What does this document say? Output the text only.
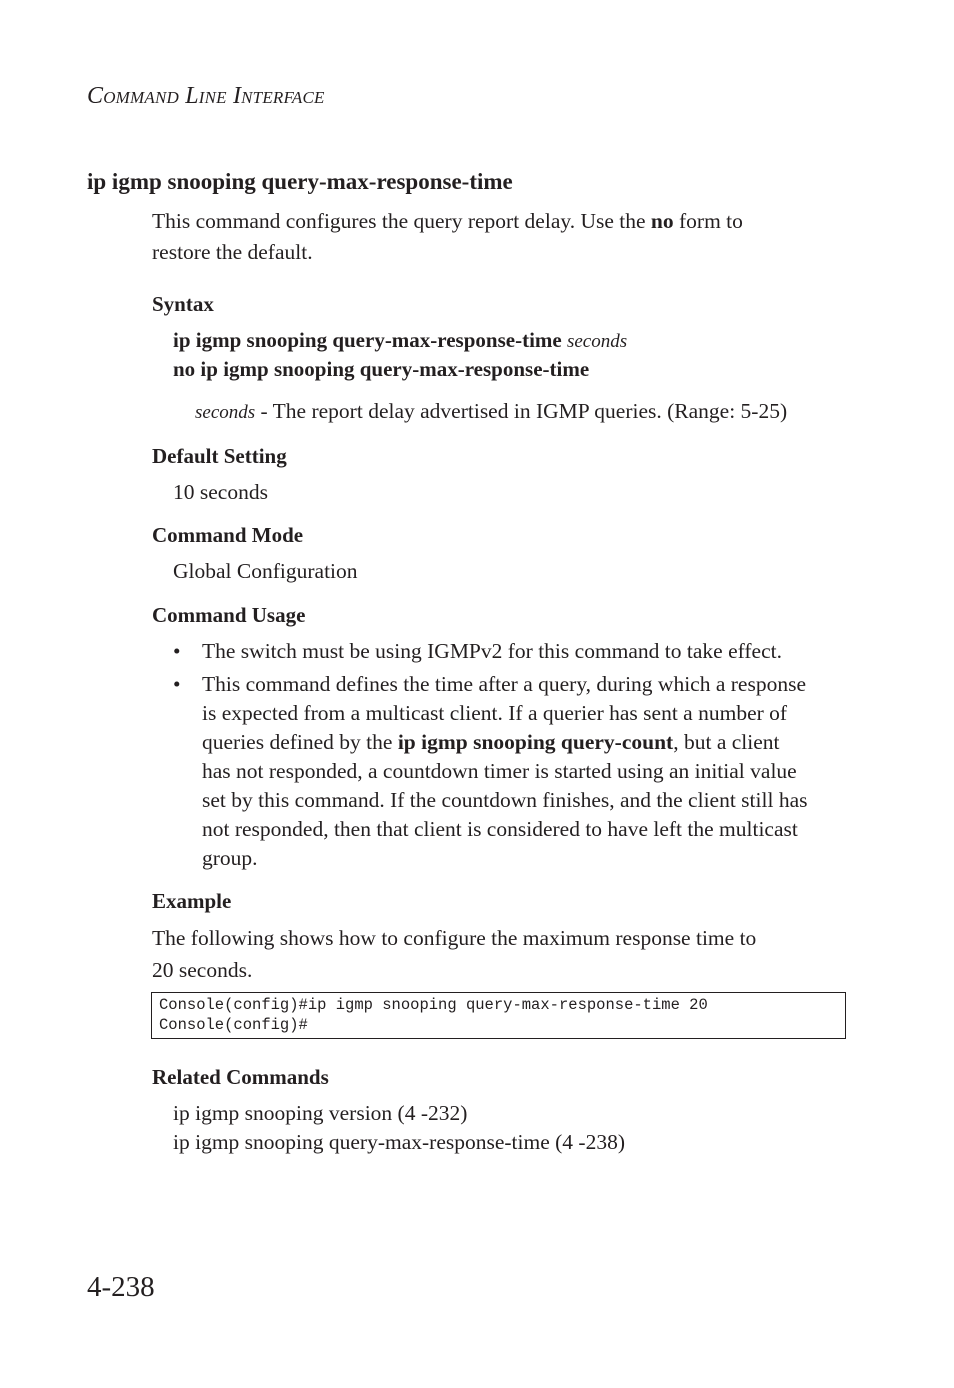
Command Line Interface
ip igmp snooping query-max-response-time
This command configures the query report delay. Use the no form to
restore the default.
Syntax
ip igmp snooping query-max-response-time seconds
no ip igmp snooping query-max-response-time
seconds - The report delay advertised in IGMP queries. (Range: 5-25)
Default Setting
10 seconds
Command Mode
Global Configuration
Command Usage
• The switch must be using IGMPv2 for this command to take effect.
• This command defines the time after a query, during which a response
is expected from a multicast client. If a querier has sent a number of
queries defined by the ip igmp snooping query-count, but a client
has not responded, a countdown timer is started using an initial value
set by this command. If the countdown finishes, and the client still has
not responded, then that client is considered to have left the multicast
group.
Example
The following shows how to configure the maximum response time to
20 seconds.
Console(config)#ip igmp snooping query-max-response-time 20
Console(config)#
Related Commands
ip igmp snooping version (4 -232)
ip igmp snooping query-max-response-time (4 -238)
4-238
